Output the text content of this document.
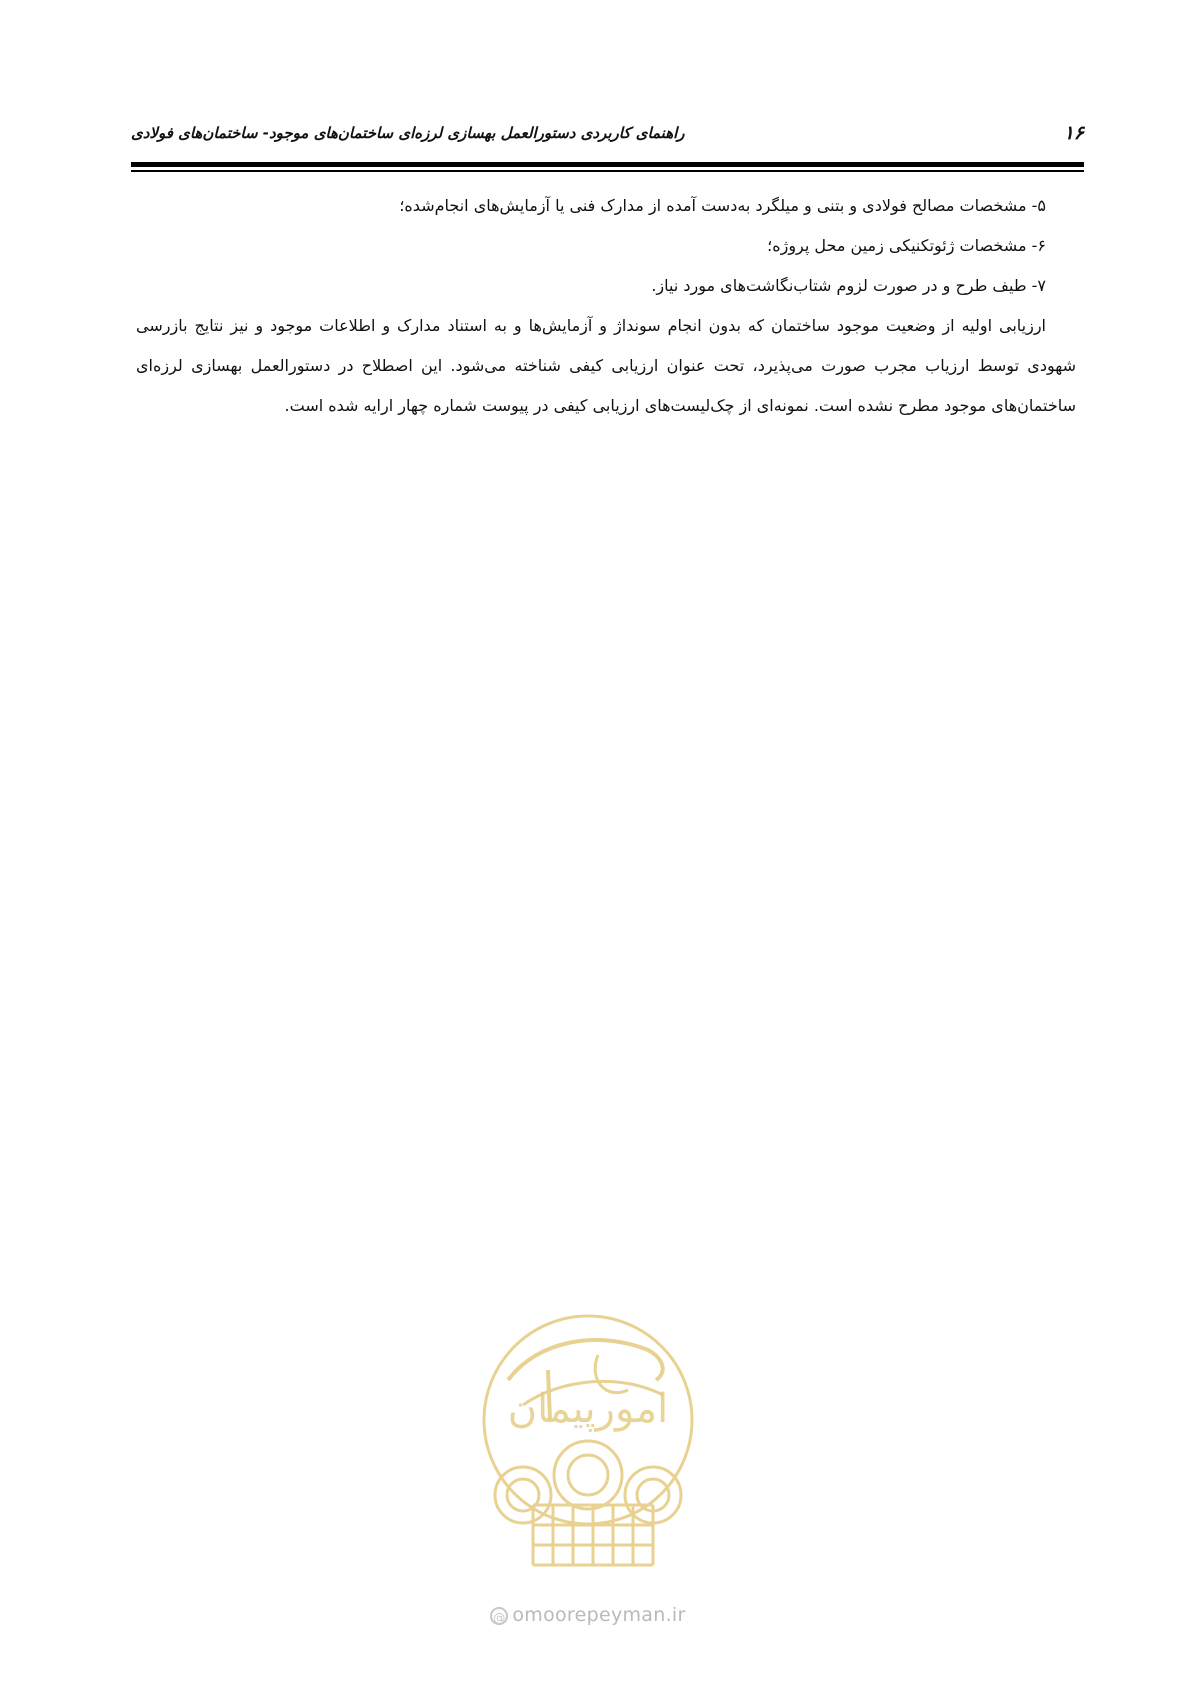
۱۶
راهنمای کاربردی دستورالعمل بهسازی لرزه‌ای ساختمان‌های موجود- ساختمان‌های فولادی

۵- مشخصات مصالح فولادی و بتنی و میلگرد به‌دست آمده از مدارک فنی یا آزمایش‌های انجام‌شده؛

۶- مشخصات ژئوتکنیکی زمین محل پروژه؛

۷- طیف طرح و در صورت لزوم شتاب‌نگاشت‌های مورد نیاز.

ارزیابی اولیه از وضعیت موجود ساختمان که بدون انجام سونداژ و آزمایش‌ها و به استناد مدارک و اطلاعات موجود و نیز نتایج بازرسی شهودی توسط ارزیاب مجرب صورت می‌پذیرد، تحت عنوان ارزیابی کیفی شناخته می‌شود. این اصطلاح در دستورالعمل بهسازی لرزه‌ای ساختمان‌های موجود مطرح نشده است. نمونه‌ای از چک‌لیست‌های ارزیابی کیفی در پیوست شماره چهار ارایه شده است.

امورپیمان
@ omoorepeyman.ir
